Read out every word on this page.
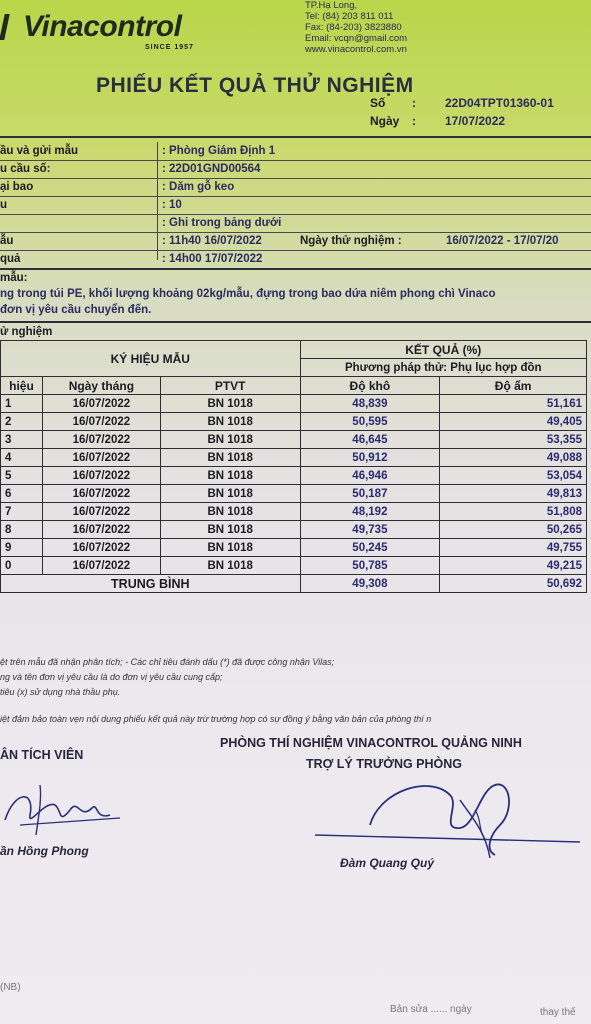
Vinacontrol
SINCE 1957
TP.Hạ Long,
Tel: (84) 203 811 011
Fax: (84-203) 3823880
Email: vcqn@gmail.com
www.vinacontrol.com.vn
PHIẾU KẾT QUẢ THỬ NGHIỆM
Số : 22D04TPT01360-01
Ngày : 17/07/2022
ầu và gửi mẫu	: Phòng Giám Định 1
u cầu số:	: 22D01GND00564
ại bao	: Dăm gỗ keo
u	: 10
: Ghi trong bảng dưới
ẫu	: 11h40 16/07/2022	Ngày thử nghiệm :	16/07/2022 - 17/07/20
quả	: 14h00 17/07/2022
mẫu:
ng trong túi PE, khối lượng khoảng 02kg/mẫu, đựng trong bao dứa niêm phong chì Vinaco
đơn vị yêu cầu chuyển đến.
ử nghiệm
KÝ HIỆU MẪU			KẾT QUẢ (%)	
			Phương pháp thử: Phụ lục hợp đồn	
hiệu	Ngày tháng	PTVT	Độ khô	Độ ẩm
1	16/07/2022	BN 1018	48,839	51,161
2	16/07/2022	BN 1018	50,595	49,405
3	16/07/2022	BN 1018	46,645	53,355
4	16/07/2022	BN 1018	50,912	49,088
5	16/07/2022	BN 1018	46,946	53,054
6	16/07/2022	BN 1018	50,187	49,813
7	16/07/2022	BN 1018	48,192	51,808
8	16/07/2022	BN 1018	49,735	50,265
9	16/07/2022	BN 1018	50,245	49,755
0	16/07/2022	BN 1018	50,785	49,215
TRUNG BÌNH			49,308	50,692
ệt trên mẫu đã nhận phân tích; - Các chỉ tiêu đánh dấu (*) đã được công nhận Vilas;
ng và tên đơn vị yêu cầu là do đơn vị yêu cầu cung cấp;
tiêu (x) sử dụng nhà thầu phụ.
iệt đảm bảo toàn vẹn nội dung phiếu kết quả này trừ trường hợp có sự đồng ý bằng văn bản của phòng thí n
ÂN TÍCH VIÊN
PHÒNG THÍ NGHIỆM VINACONTROL QUẢNG NINH
TRỢ LÝ TRƯỞNG PHÒNG
ần Hồng Phong
Đàm Quang Quý
(NB)
Bản sửa ...... ngày	thay thế
